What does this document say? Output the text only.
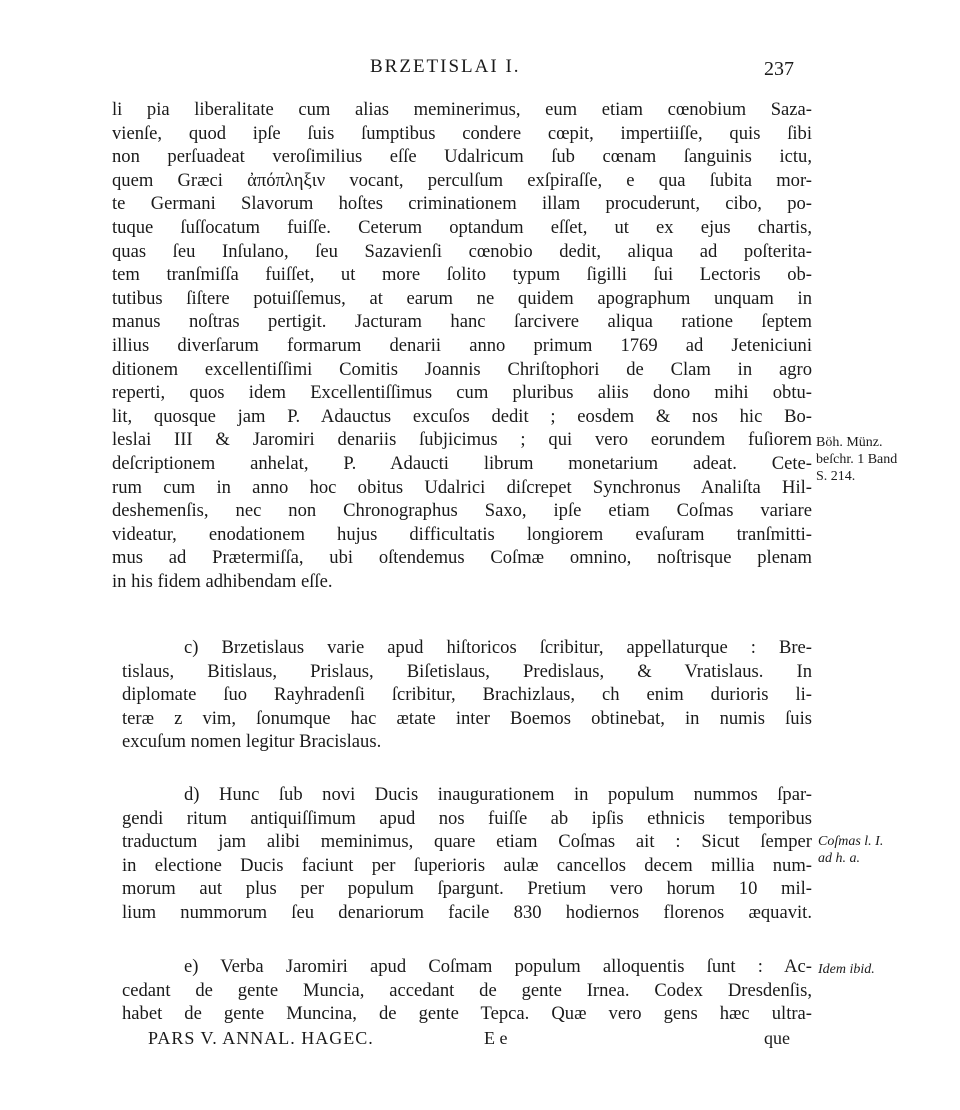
BRZETISLAI I.	237
li pia liberalitate cum alias meminerimus, eum etiam cœnobium Saza-
vienſe, quod ipſe ſuis ſumptibus condere cœpit, impertiiſſe, quis ſibi
non perſuadeat veroſimilius eſſe Udalricum ſub cœnam ſanguinis ictu,
quem Græci ἀπόπληξιν vocant, perculſum exſpiraſſe, e qua ſubita mor-
te Germani Slavorum hoſtes criminationem illam procuderunt, cibo, po-
tuque ſuſſocatum fuiſſe. Ceterum optandum eſſet, ut ex ejus chartis,
quas ſeu Inſulano, ſeu Sazavienſi cœnobio dedit, aliqua ad poſterita-
tem tranſmiſſa fuiſſet, ut more ſolito typum ſigilli ſui Lectoris ob-
tutibus ſiſtere potuiſſemus, at earum ne quidem apographum unquam in
manus noſtras pertigit. Jacturam hanc ſarcivere aliqua ratione ſeptem
illius diverſarum formarum denarii anno primum 1769 ad Jeteniciuni
ditionem excellentiſſimi Comitis Joannis Chriſtophori de Clam in agro
reperti, quos idem Excellentiſſimus cum pluribus aliis dono mihi obtu-
lit, quosque jam P. Adauctus excuſos dedit ; eosdem & nos hic Bo-
leslai III & Jaromiri denariis ſubjicimus ; qui vero eorundem fuſiorem
deſcriptionem anhelat, P. Adaucti librum monetarium adeat. Cete-
rum cum in anno hoc obitus Udalrici diſcrepet Synchronus Analiſta Hil-
deshemenſis, nec non Chronographus Saxo, ipſe etiam Coſmas variare
videatur, enodationem hujus difficultatis longiorem evaſuram tranſmitti-
mus ad Prætermiſſa, ubi oſtendemus Coſmæ omnino, noſtrisque plenam
in his fidem adhibendam eſſe.
c) Brzetislaus varie apud hiſtoricos ſcribitur, appellaturque : Bre-
tislaus, Bitislaus, Prislaus, Biſetislaus, Predislaus, & Vratislaus. In
diplomate ſuo Rayhradenſi ſcribitur, Brachizlaus, ch enim durioris li-
teræ z vim, ſonumque hac ætate inter Boemos obtinebat, in numis ſuis
excuſum nomen legitur Bracislaus.
d) Hunc ſub novi Ducis inaugurationem in populum nummos ſpar-
gendi ritum antiquiſſimum apud nos fuiſſe ab ipſis ethnicis temporibus
traductum jam alibi meminimus, quare etiam Coſmas ait : Sicut ſemper
in electione Ducis faciunt per ſuperioris aulæ cancellos decem millia num-
morum aut plus per populum ſpargunt. Pretium vero horum 10 mil-
lium nummorum ſeu denariorum facile 830 hodiernos florenos æquavit.
e) Verba Jaromiri apud Coſmam populum alloquentis ſunt : Ac-
cedant de gente Muncia, accedant de gente Irnea. Codex Dresdenſis,
habet de gente Muncina, de gente Tepca. Quæ vero gens hæc ultra-
Böh. Münz.
beſchr. 1 Band
S. 214.
Coſmas l. I.
ad h. a.
Idem ibid.
PARS V. ANNAL. HAGEC.	E e	que
